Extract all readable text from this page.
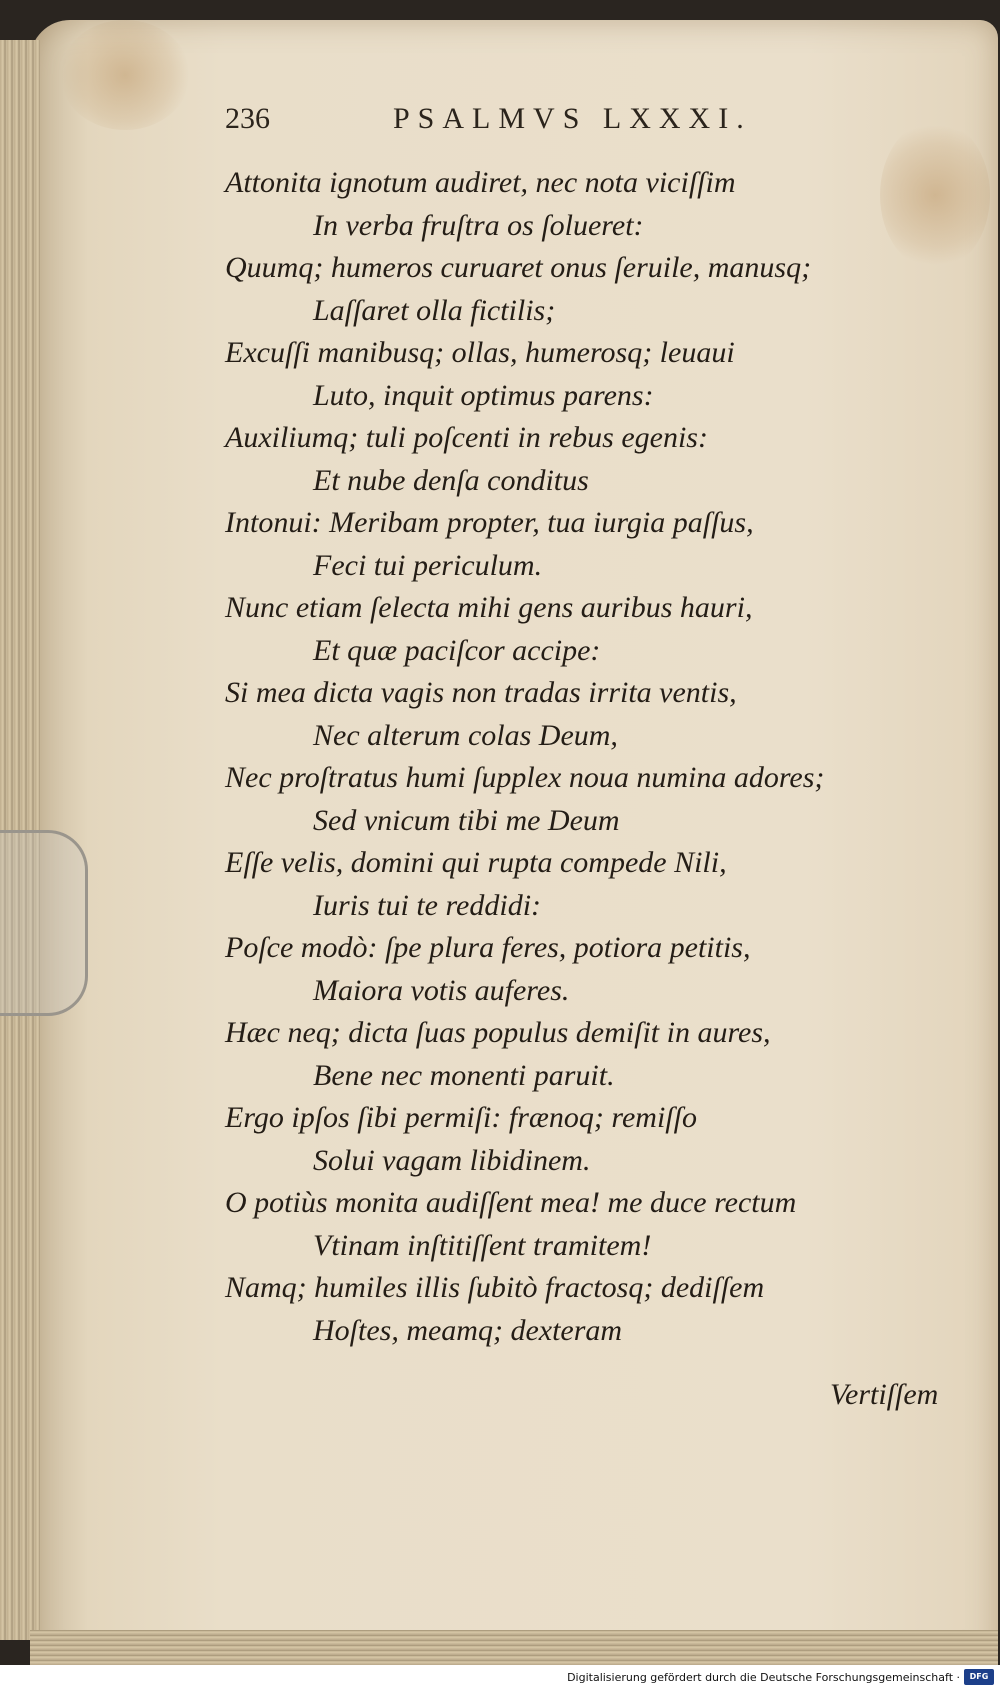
236	PSALMVS LXXXI.
Attonita ignotum audiret, nec nota viciſſim
In verba fruſtra os ſolueret:
Quumq; humeros curuaret onus ſeruile, manusq;
Laſſaret olla fictilis;
Excuſſi manibusq; ollas, humerosq; leuaui
Luto, inquit optimus parens:
Auxiliumq; tuli poſcenti in rebus egenis:
Et nube denſa conditus
Intonui: Meribam propter, tua iurgia paſſus,
Feci tui periculum.
Nunc etiam ſelecta mihi gens auribus hauri,
Et quæ paciſcor accipe:
Si mea dicta vagis non tradas irrita ventis,
Nec alterum colas Deum,
Nec proſtratus humi ſupplex noua numina adores;
Sed vnicum tibi me Deum
Eſſe velis, domini qui rupta compede Nili,
Iuris tui te reddidi:
Poſce modò: ſpe plura feres, potiora petitis,
Maiora votis auferes.
Hæc neq; dicta ſuas populus demiſit in aures,
Bene nec monenti paruit.
Ergo ipſos ſibi permiſi: frænoq; remiſſo
Solui vagam libidinem.
O potiùs monita audiſſent mea! me duce rectum
Vtinam inſtitiſſent tramitem!
Namq; humiles illis ſubitò fractosq; dediſſem
Hoſtes, meamq; dexteram
Vertiſſem
Digitalisierung gefördert durch die Deutsche Forschungsgemeinschaft ·	DFG
